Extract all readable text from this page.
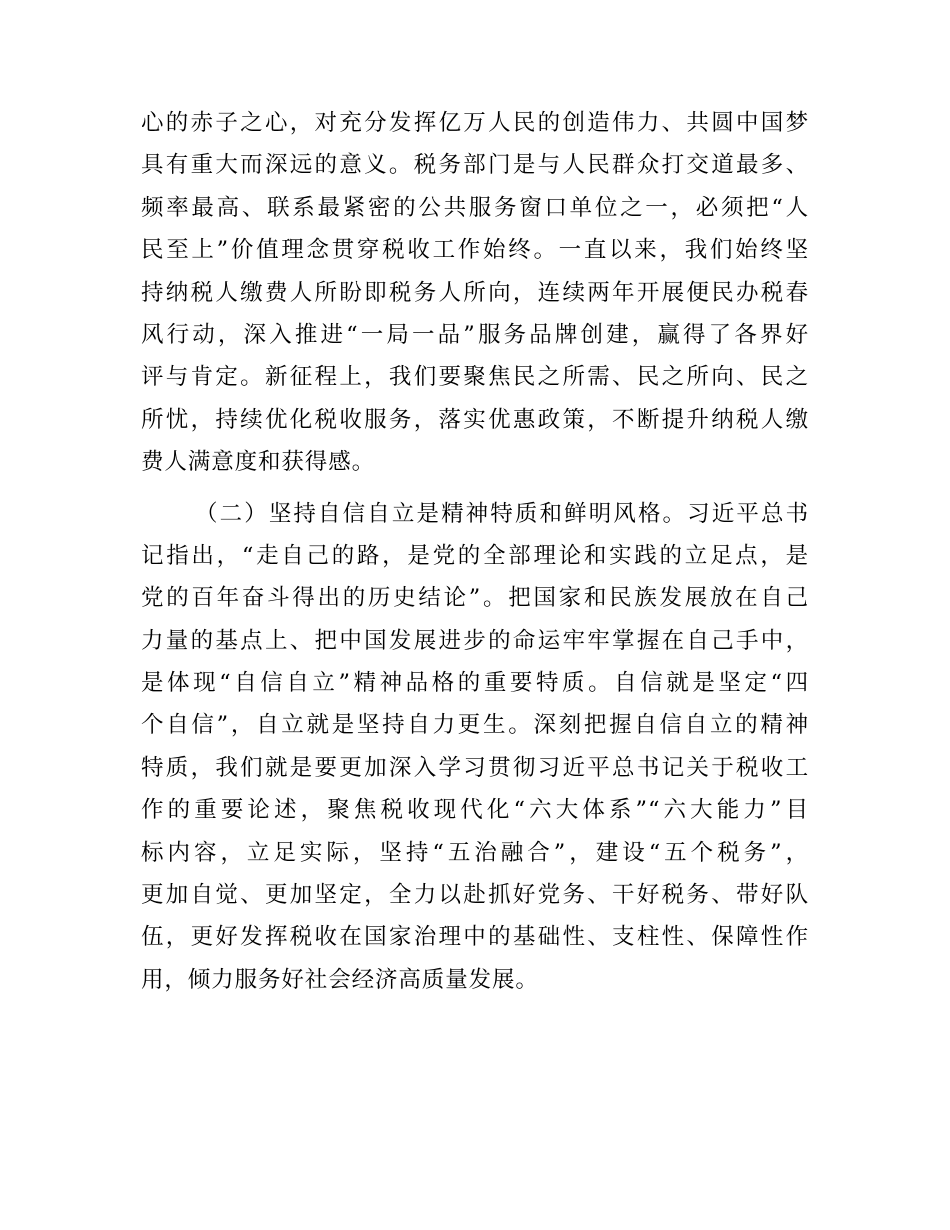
心的赤子之心，对充分发挥亿万人民的创造伟力、共圆中国梦
具有重大而深远的意义。税务部门是与人民群众打交道最多、
频率最高、联系最紧密的公共服务窗口单位之一，必须把“人
民至上”价值理念贯穿税收工作始终。一直以来，我们始终坚
持纳税人缴费人所盼即税务人所向，连续两年开展便民办税春
风行动，深入推进“一局一品”服务品牌创建，赢得了各界好
评与肯定。新征程上，我们要聚焦民之所需、民之所向、民之
所忧，持续优化税收服务，落实优惠政策，不断提升纳税人缴
费人满意度和获得感。
（二）坚持自信自立是精神特质和鲜明风格。习近平总书
记指出，“走自己的路，是党的全部理论和实践的立足点，是
党的百年奋斗得出的历史结论”。把国家和民族发展放在自己
力量的基点上、把中国发展进步的命运牢牢掌握在自己手中，
是体现“自信自立”精神品格的重要特质。自信就是坚定“四
个自信”，自立就是坚持自力更生。深刻把握自信自立的精神
特质，我们就是要更加深入学习贯彻习近平总书记关于税收工
作的重要论述，聚焦税收现代化“六大体系”“六大能力”目
标内容，立足实际，坚持“五治融合”，建设“五个税务”，
更加自觉、更加坚定，全力以赴抓好党务、干好税务、带好队
伍，更好发挥税收在国家治理中的基础性、支柱性、保障性作
用，倾力服务好社会经济高质量发展。
